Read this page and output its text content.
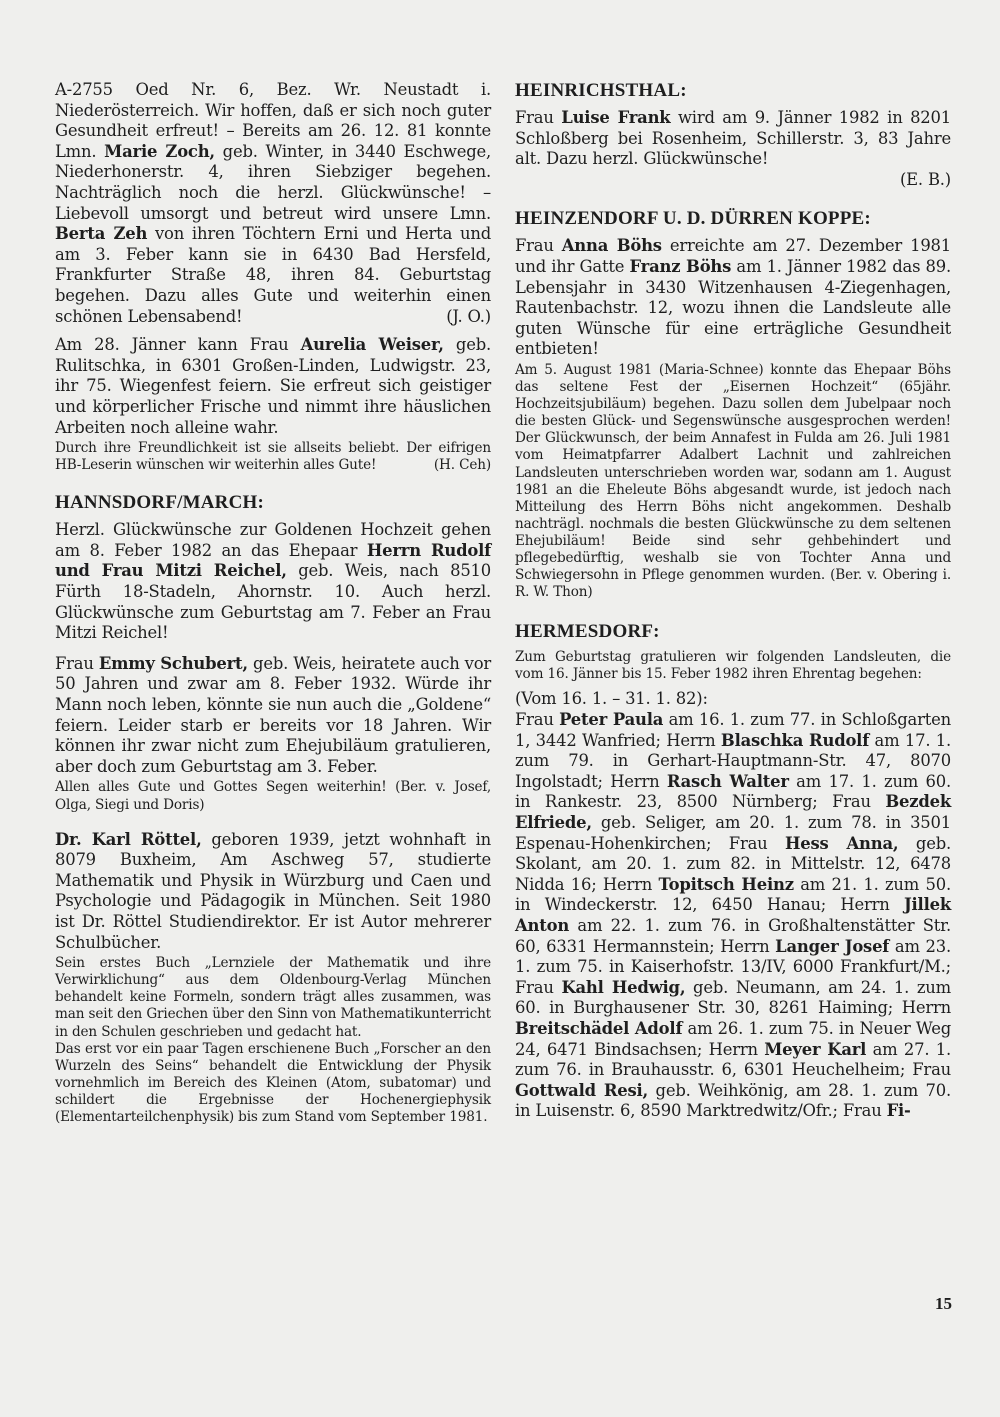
A-2755 Oed Nr. 6, Bez. Wr. Neustadt i. Niederösterreich. Wir hoffen, daß er sich noch guter Gesundheit erfreut! – Bereits am 26. 12. 81 konnte Lmn. Marie Zoch, geb. Winter, in 3440 Eschwege, Niederhonerstr. 4, ihren Siebziger begehen. Nachträglich noch die herzl. Glückwünsche! – Liebevoll umsorgt und betreut wird unsere Lmn. Berta Zeh von ihren Töchtern Erni und Herta und am 3. Feber kann sie in 6430 Bad Hersfeld, Frankfurter Straße 48, ihren 84. Geburtstag begehen. Dazu alles Gute und weiterhin einen schönen Lebensabend!	(J. O.)

Am 28. Jänner kann Frau Aurelia Weiser, geb. Rulitschka, in 6301 Großen-Linden, Ludwigstr. 23, ihr 75. Wiegenfest feiern. Sie erfreut sich geistiger und körperlicher Frische und nimmt ihre häuslichen Arbeiten noch alleine wahr.

Durch ihre Freundlichkeit ist sie allseits beliebt. Der eifrigen HB-Leserin wünschen wir weiterhin alles Gute!	(H. Ceh)

HANNSDORF/MARCH:

Herzl. Glückwünsche zur Goldenen Hochzeit gehen am 8. Feber 1982 an das Ehepaar Herrn Rudolf und Frau Mitzi Reichel, geb. Weis, nach 8510 Fürth 18-Stadeln, Ahornstr. 10. Auch herzl. Glückwünsche zum Geburtstag am 7. Feber an Frau Mitzi Reichel!

Frau Emmy Schubert, geb. Weis, heiratete auch vor 50 Jahren und zwar am 8. Feber 1932. Würde ihr Mann noch leben, könnte sie nun auch die „Goldene“ feiern. Leider starb er bereits vor 18 Jahren. Wir können ihr zwar nicht zum Ehejubiläum gratulieren, aber doch zum Geburtstag am 3. Feber.

Allen alles Gute und Gottes Segen weiterhin! (Ber. v. Josef, Olga, Siegi und Doris)

Dr. Karl Röttel, geboren 1939, jetzt wohnhaft in 8079 Buxheim, Am Aschweg 57, studierte Mathematik und Physik in Würzburg und Caen und Psychologie und Pädagogik in München. Seit 1980 ist Dr. Röttel Studiendirektor. Er ist Autor mehrerer Schulbücher.

Sein erstes Buch „Lernziele der Mathematik und ihre Verwirklichung“ aus dem Oldenbourg-Verlag München behandelt keine Formeln, sondern trägt alles zusammen, was man seit den Griechen über den Sinn von Mathematikunterricht in den Schulen geschrieben und gedacht hat.

Das erst vor ein paar Tagen erschienene Buch „Forscher an den Wurzeln des Seins“ behandelt die Entwicklung der Physik vornehmlich im Bereich des Kleinen (Atom, subatomar) und schildert die Ergebnisse der Hochenergiephysik (Elementarteilchenphysik) bis zum Stand vom September 1981.

HEINRICHSTHAL:

Frau Luise Frank wird am 9. Jänner 1982 in 8201 Schloßberg bei Rosenheim, Schillerstr. 3, 83 Jahre alt. Dazu herzl. Glückwünsche!

(E. B.)

HEINZENDORF U. D. DÜRREN KOPPE:

Frau Anna Böhs erreichte am 27. Dezember 1981 und ihr Gatte Franz Böhs am 1. Jänner 1982 das 89. Lebensjahr in 3430 Witzenhausen 4-Ziegenhagen, Rautenbachstr. 12, wozu ihnen die Landsleute alle guten Wünsche für eine erträgliche Gesundheit entbieten!

Am 5. August 1981 (Maria-Schnee) konnte das Ehepaar Böhs das seltene Fest der „Eisernen Hochzeit“ (65jähr. Hochzeitsjubiläum) begehen. Dazu sollen dem Jubelpaar noch die besten Glück- und Segenswünsche ausgesprochen werden! Der Glückwunsch, der beim Annafest in Fulda am 26. Juli 1981 vom Heimatpfarrer Adalbert Lachnit und zahlreichen Landsleuten unterschrieben worden war, sodann am 1. August 1981 an die Eheleute Böhs abgesandt wurde, ist jedoch nach Mitteilung des Herrn Böhs nicht angekommen. Deshalb nachträgl. nochmals die besten Glückwünsche zu dem seltenen Ehejubiläum! Beide sind sehr gehbehindert und pflegebedürftig, weshalb sie von Tochter Anna und Schwiegersohn in Pflege genommen wurden. (Ber. v. Obering i. R. W. Thon)

HERMESDORF:

Zum Geburtstag gratulieren wir folgenden Landsleuten, die vom 16. Jänner bis 15. Feber 1982 ihren Ehrentag begehen:

(Vom 16. 1. – 31. 1. 82):

Frau Peter Paula am 16. 1. zum 77. in Schloßgarten 1, 3442 Wanfried; Herrn Blaschka Rudolf am 17. 1. zum 79. in Gerhart-Hauptmann-Str. 47, 8070 Ingolstadt; Herrn Rasch Walter am 17. 1. zum 60. in Rankestr. 23, 8500 Nürnberg; Frau Bezdek Elfriede, geb. Seliger, am 20. 1. zum 78. in 3501 Espenau-Hohenkirchen; Frau Hess Anna, geb. Skolant, am 20. 1. zum 82. in Mittelstr. 12, 6478 Nidda 16; Herrn Topitsch Heinz am 21. 1. zum 50. in Windeckerstr. 12, 6450 Hanau; Herrn Jillek Anton am 22. 1. zum 76. in Großhaltenstätter Str. 60, 6331 Hermannstein; Herrn Langer Josef am 23. 1. zum 75. in Kaiserhofstr. 13/IV, 6000 Frankfurt/M.; Frau Kahl Hedwig, geb. Neumann, am 24. 1. zum 60. in Burghausener Str. 30, 8261 Haiming; Herrn Breitschädel Adolf am 26. 1. zum 75. in Neuer Weg 24, 6471 Bindsachsen; Herrn Meyer Karl am 27. 1. zum 76. in Brauhausstr. 6, 6301 Heuchelheim; Frau Gottwald Resi, geb. Weihkönig, am 28. 1. zum 70. in Luisenstr. 6, 8590 Marktredwitz/Ofr.; Frau Fi-

15
